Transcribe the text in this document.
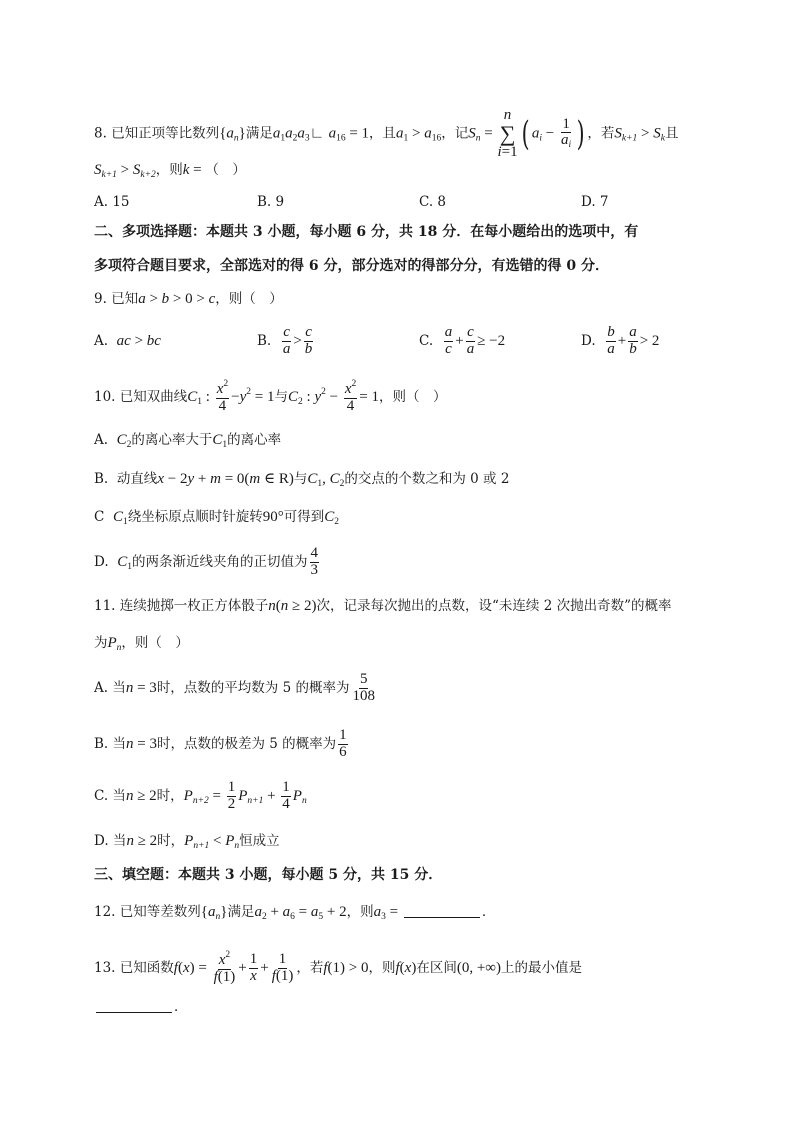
8. 已知正项等比数列$\{a_n\}$满足$a_1a_2a_3∟$ $a_{16} = 1$，且$a_1 > a_{16}$，记$S_n$ =
n
∑
i=1 ( $a_i - \frac{1}{a_i}$ ) ，若$S_{k+1} > S_k$且
$S_{k+1} > S_{k+2}$，则k = （　）
A. 15	B. 9	C. 8	D. 7
二、多项选择题：本题共 3 小题，每小题 6 分，共 18 分．在每小题给出的选项中，有
多项符合题目要求，全部选对的得 6 分，部分选对的得部分分，有选错的得 0 分．
9. 已知a > b > 0 > c，则（　）
A. ac > bc	B. $\frac{c}{a} > \frac{c}{b}$	C. $\frac{a}{c} + \frac{c}{a} \ge -2$	D. $\frac{b}{a} + \frac{a}{b} > 2$
10. 已知双曲线$C_1$ : $\frac{x^2}{4} -y^2 = 1$与$C_2$ : $y^2 - \frac{x^2}{4} = 1$，则（　）
A. $C_2$的离心率大于$C_1$的离心率
B. 动直线x − 2y + m = 0(m ∈ R)与$C_1$, $C_2$的交点的个数之和为 0 或 2
C $C_1$绕坐标原点顺时针旋转90°可得到$C_2$
D. $C_1$的两条渐近线夹角的正切值为 $\frac{4}{3}$
11. 连续抛掷一枚正方体骰子n(n ≥ 2)次，记录每次抛出的点数，设“未连续 2 次抛出奇数”的概率
为$P_n$，则（　）
A. 当n = 3时，点数的平均数为 5 的概率为 $\frac{5}{108}$
B. 当n = 3时，点数的极差为 5 的概率为 $\frac{1}{6}$
C. 当n ≥ 2时，$P_{n+2} = \frac{1}{2} P_{n+1} + \frac{1}{4} P_n$
D. 当n ≥ 2时，$P_{n+1} < P_n$恒成立
三、填空题：本题共 3 小题，每小题 5 分，共 15 分．
12. 已知等差数列$\{a_n\}$满足$a_2 + a_6 = a_5 + 2$，则$a_3$ =	．
13. 已知函数$f(x) = \frac{x^2}{f(1)} + \frac{1}{x} + \frac{1}{f(1)}$ ，若f(1) > 0，则f(x)在区间(0, +∞)上的最小值是
．
